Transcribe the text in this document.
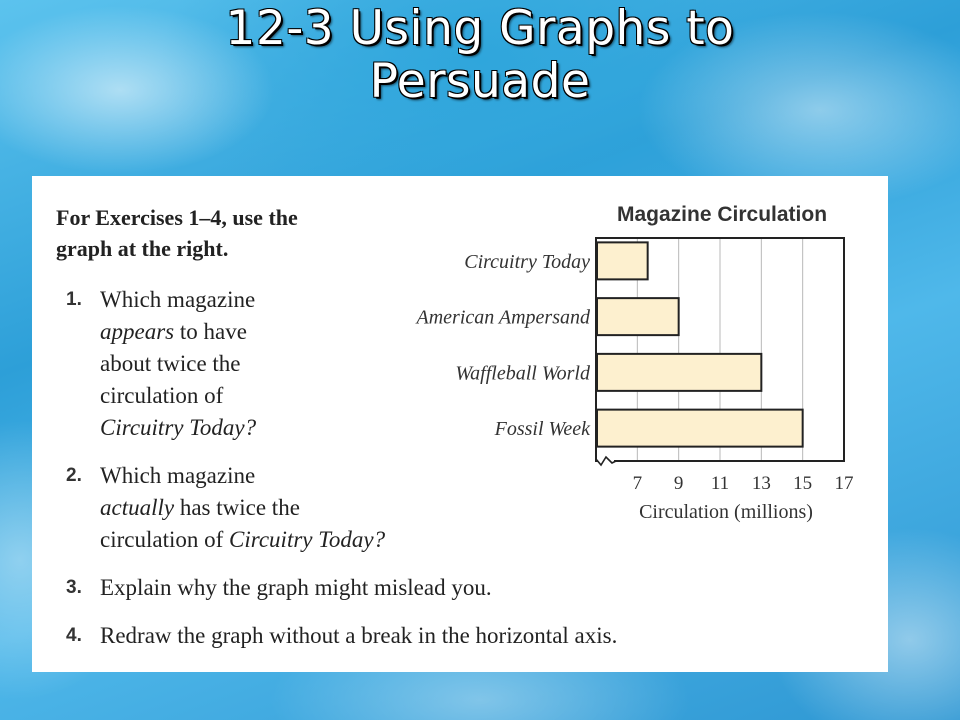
12-3 Using Graphs to
Persuade
For Exercises 1–4, use the
graph at the right.
1. Which magazine
appears to have
about twice the
circulation of
Circuitry Today?
2. Which magazine
actually has twice the
circulation of Circuitry Today?
3. Explain why the graph might mislead you.
4. Redraw the graph without a break in the horizontal axis.
Magazine Circulation
Circuitry Today
American Ampersand
Waffleball World
Fossil Week
7 9 11 13 15 17
Circulation (millions)
